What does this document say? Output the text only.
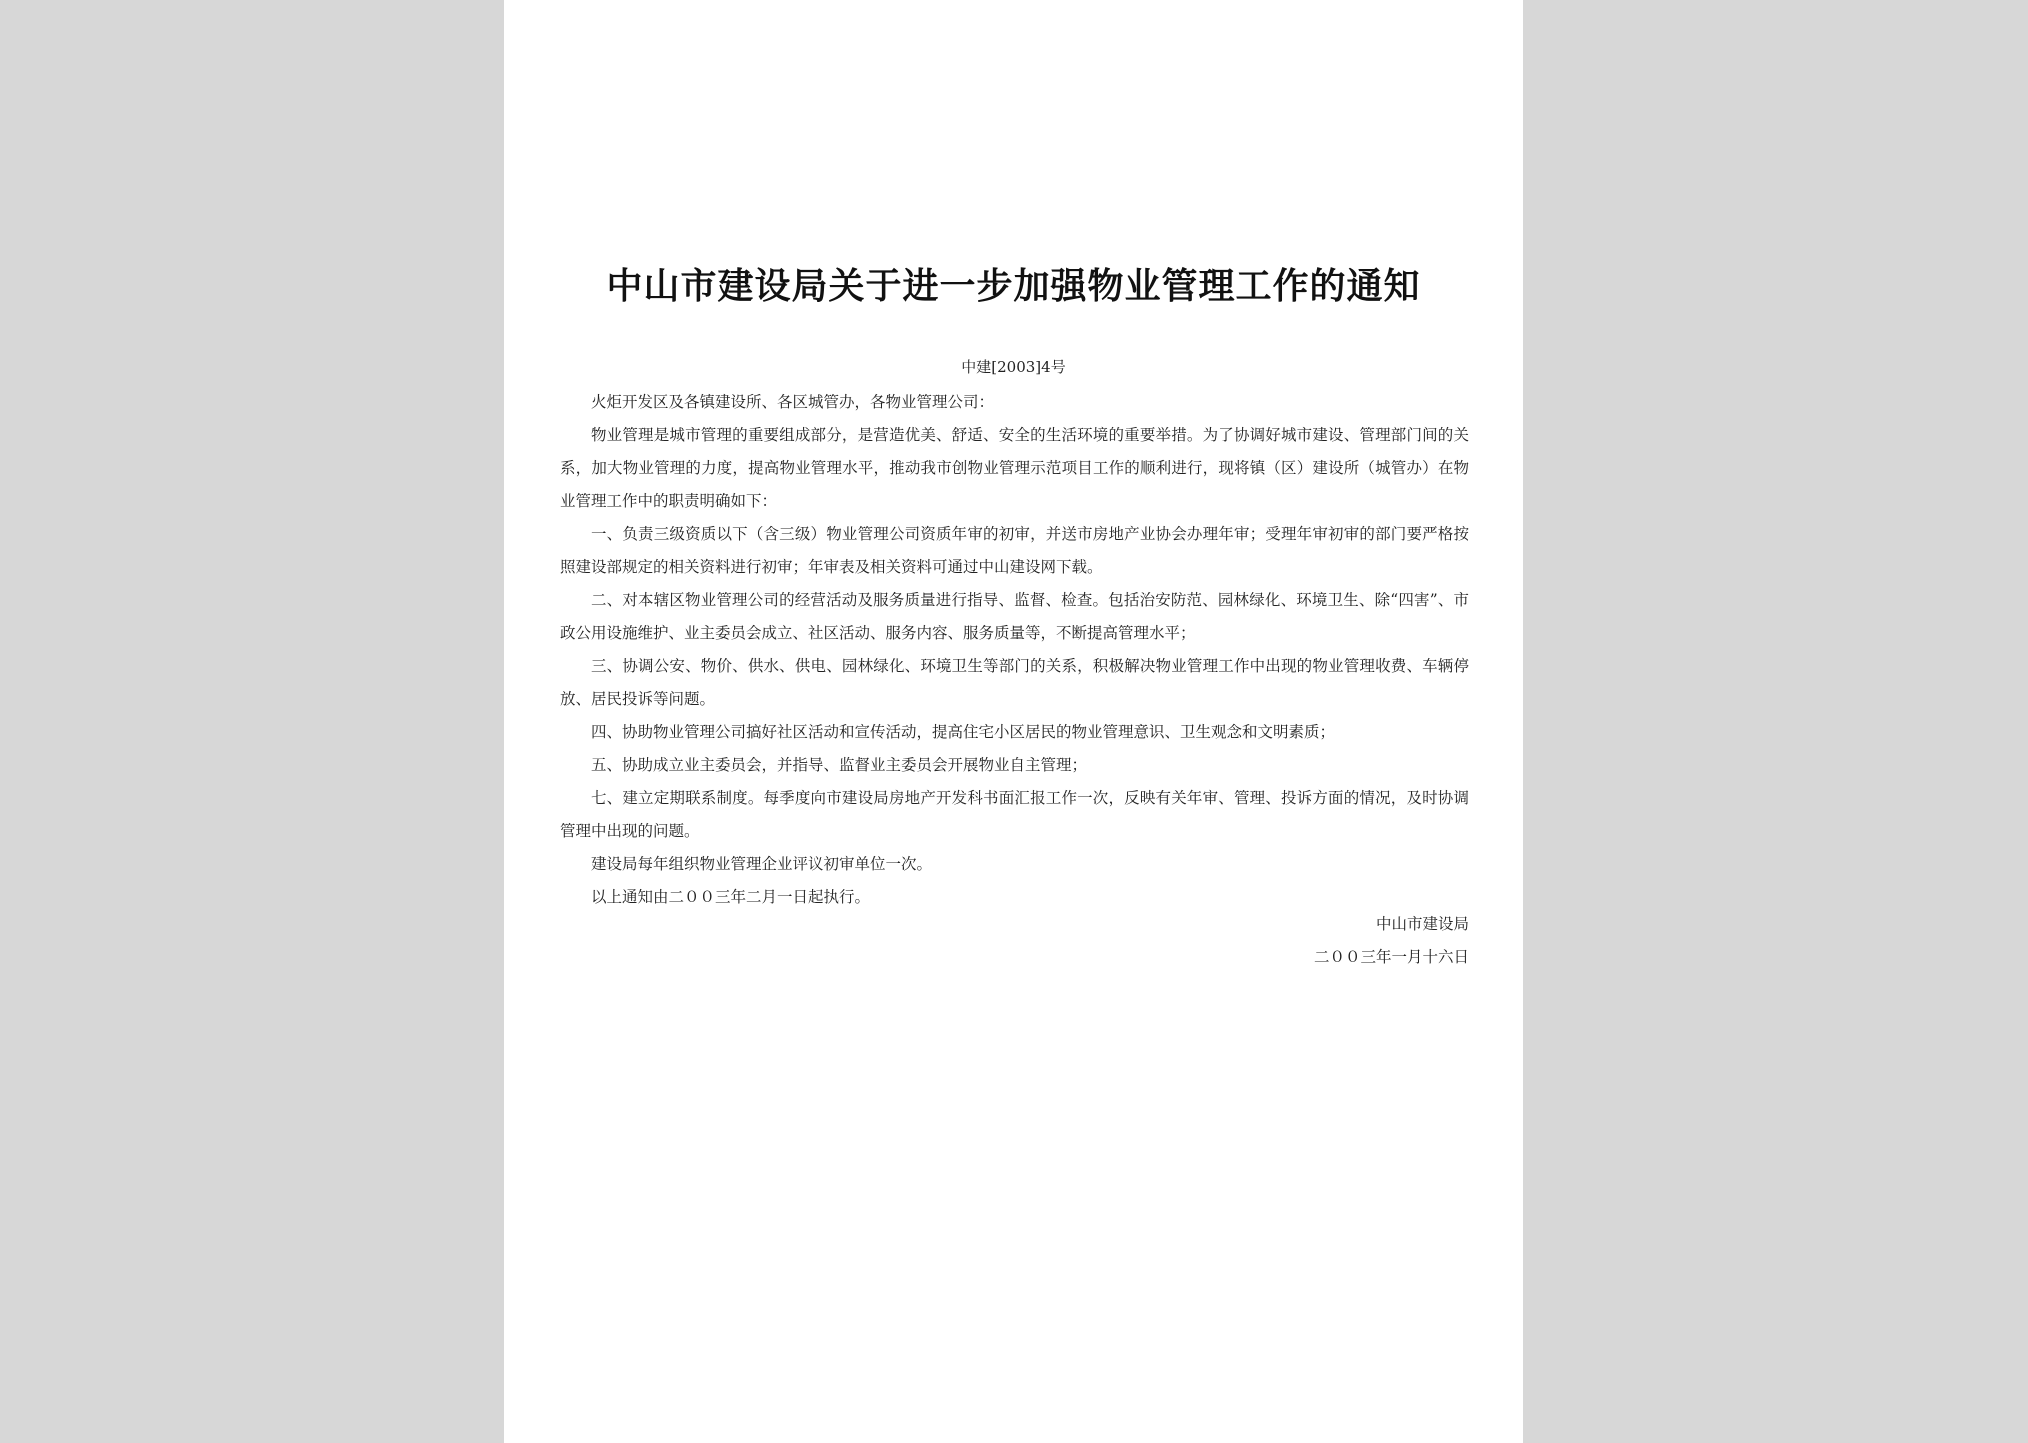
中山市建设局关于进一步加强物业管理工作的通知
中建[2003]4号

火炬开发区及各镇建设所、各区城管办，各物业管理公司：

物业管理是城市管理的重要组成部分，是营造优美、舒适、安全的生活环境的重要举措。为了协调好城市建设、管理部门间的关系，加大物业管理的力度，提高物业管理水平，推动我市创物业管理示范项目工作的顺利进行，现将镇（区）建设所（城管办）在物业管理工作中的职责明确如下：

一、负责三级资质以下（含三级）物业管理公司资质年审的初审，并送市房地产业协会办理年审；受理年审初审的部门要严格按照建设部规定的相关资料进行初审；年审表及相关资料可通过中山建设网下载。

二、对本辖区物业管理公司的经营活动及服务质量进行指导、监督、检查。包括治安防范、园林绿化、环境卫生、除“四害”、市政公用设施维护、业主委员会成立、社区活动、服务内容、服务质量等，不断提高管理水平；

三、协调公安、物价、供水、供电、园林绿化、环境卫生等部门的关系，积极解决物业管理工作中出现的物业管理收费、车辆停放、居民投诉等问题。

四、协助物业管理公司搞好社区活动和宣传活动，提高住宅小区居民的物业管理意识、卫生观念和文明素质；

五、协助成立业主委员会，并指导、监督业主委员会开展物业自主管理；

七、建立定期联系制度。每季度向市建设局房地产开发科书面汇报工作一次，反映有关年审、管理、投诉方面的情况，及时协调管理中出现的问题。

建设局每年组织物业管理企业评议初审单位一次。

以上通知由二００三年二月一日起执行。

中山市建设局
二００三年一月十六日
